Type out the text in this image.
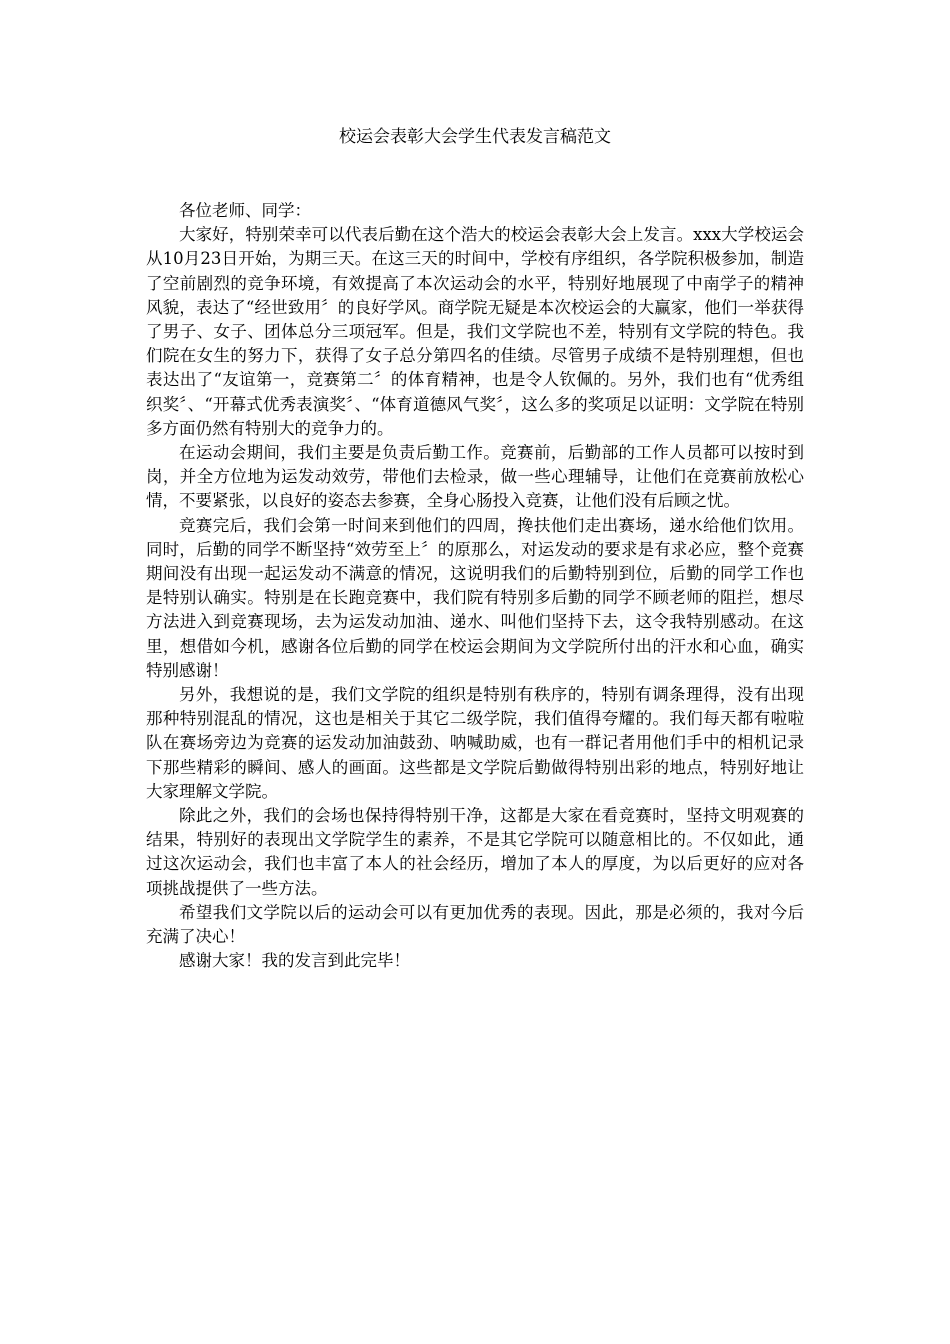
校运会表彰大会学生代表发言稿范文

各位老师、同学：

大家好，特别荣幸可以代表后勤在这个浩大的校运会表彰大会上发言。xxx大学校运会从10月23日开始，为期三天。在这三天的时间中，学校有序组织，各学院积极参加，制造了空前剧烈的竞争环境，有效提高了本次运动会的水平，特别好地展现了中南学子的精神风貌，表达了“经世致用〞的良好学风。商学院无疑是本次校运会的大赢家，他们一举获得了男子、女子、团体总分三项冠军。但是，我们文学院也不差，特别有文学院的特色。我们院在女生的努力下，获得了女子总分第四名的佳绩。尽管男子成绩不是特别理想，但也表达出了“友谊第一，竞赛第二〞的体育精神，也是令人钦佩的。另外，我们也有“优秀组织奖〞、“开幕式优秀表演奖〞、“体育道德风气奖〞，这么多的奖项足以证明：文学院在特别多方面仍然有特别大的竞争力的。

在运动会期间，我们主要是负责后勤工作。竞赛前，后勤部的工作人员都可以按时到岗，并全方位地为运发动效劳，带他们去检录，做一些心理辅导，让他们在竞赛前放松心情，不要紧张，以良好的姿态去参赛，全身心肠投入竞赛，让他们没有后顾之忧。

竞赛完后，我们会第一时间来到他们的四周，搀扶他们走出赛场，递水给他们饮用。同时，后勤的同学不断坚持“效劳至上〞的原那么，对运发动的要求是有求必应，整个竞赛期间没有出现一起运发动不满意的情况，这说明我们的后勤特别到位，后勤的同学工作也是特别认确实。特别是在长跑竞赛中，我们院有特别多后勤的同学不顾老师的阻拦，想尽方法进入到竞赛现场，去为运发动加油、递水、叫他们坚持下去，这令我特别感动。在这里，想借如今机，感谢各位后勤的同学在校运会期间为文学院所付出的汗水和心血，确实特别感谢！

另外，我想说的是，我们文学院的组织是特别有秩序的，特别有调条理得，没有出现那种特别混乱的情况，这也是相关于其它二级学院，我们值得夸耀的。我们每天都有啦啦队在赛场旁边为竞赛的运发动加油鼓劲、呐喊助威，也有一群记者用他们手中的相机记录下那些精彩的瞬间、感人的画面。这些都是文学院后勤做得特别出彩的地点，特别好地让大家理解文学院。

除此之外，我们的会场也保持得特别干净，这都是大家在看竞赛时，坚持文明观赛的结果，特别好的表现出文学院学生的素养，不是其它学院可以随意相比的。不仅如此，通过这次运动会，我们也丰富了本人的社会经历，增加了本人的厚度，为以后更好的应对各项挑战提供了一些方法。

希望我们文学院以后的运动会可以有更加优秀的表现。因此，那是必须的，我对今后充满了决心！

感谢大家！我的发言到此完毕！
